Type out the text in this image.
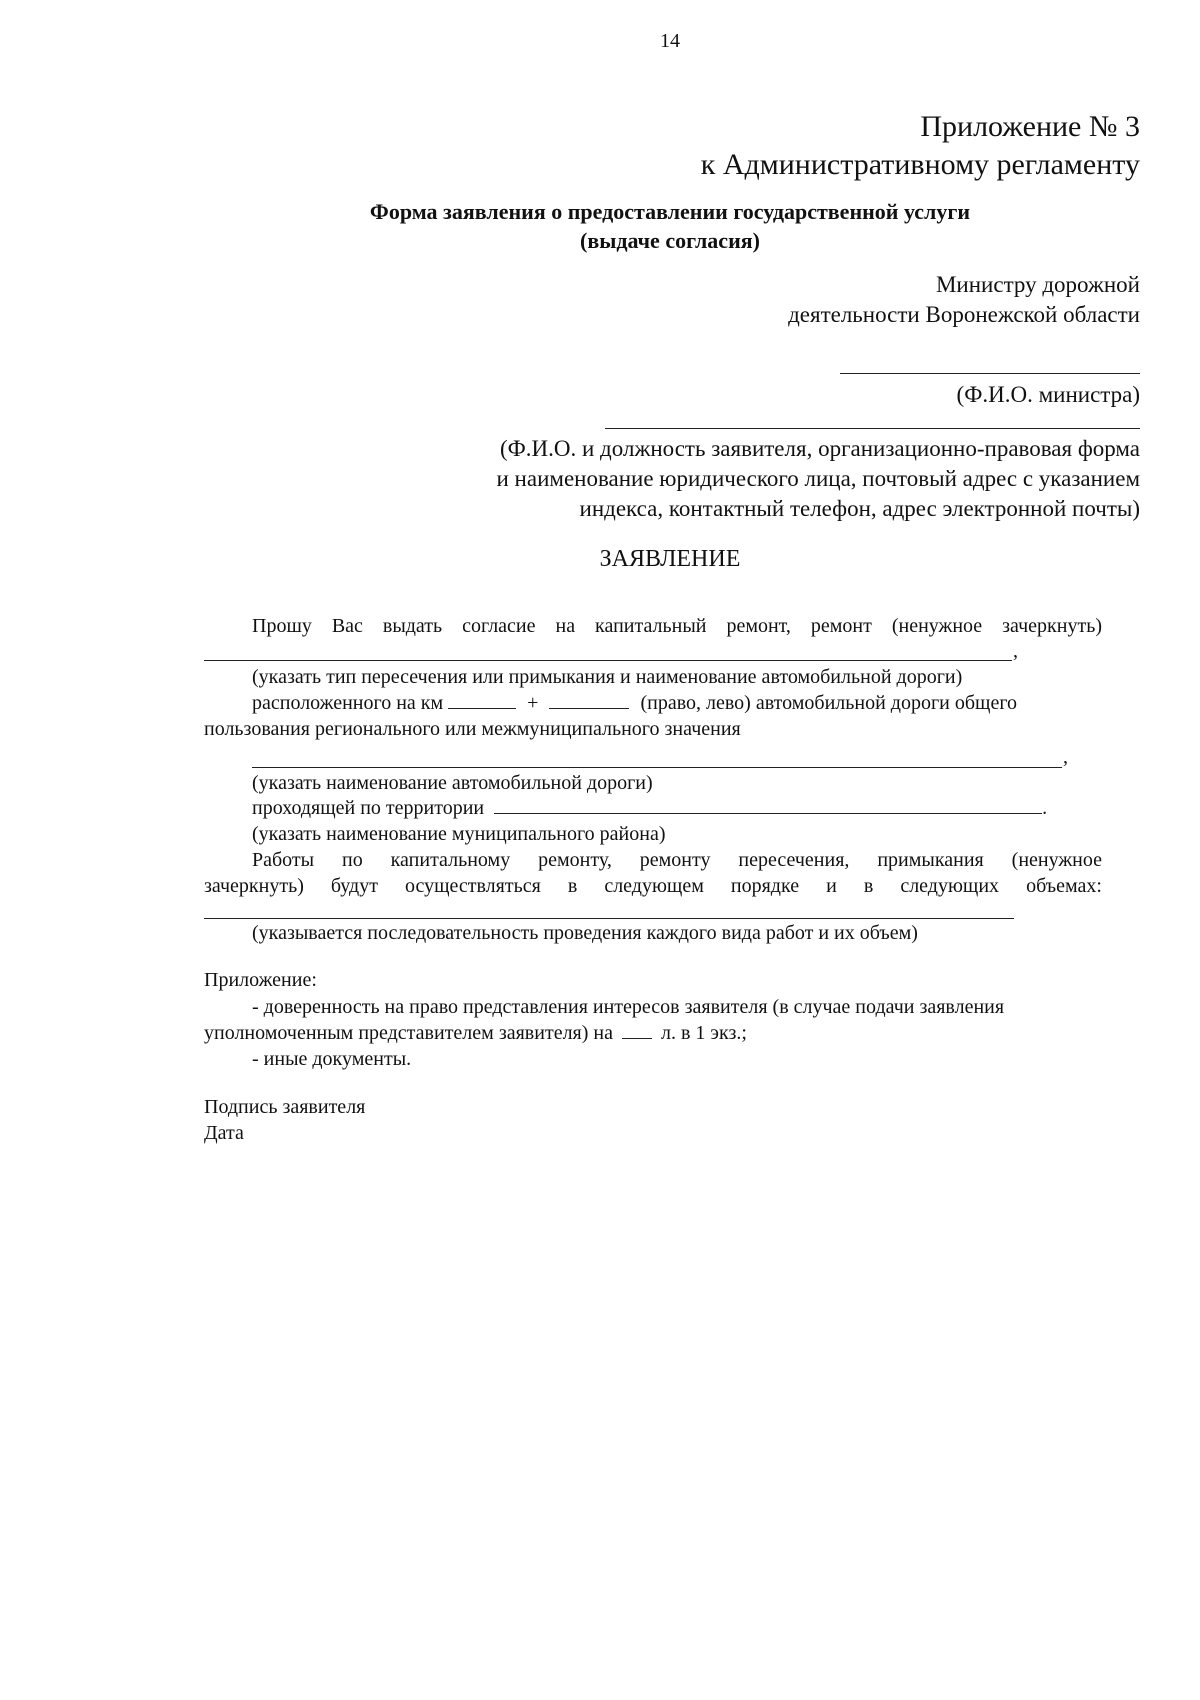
14
Приложение № 3
к Административному регламенту
Форма заявления о предоставлении государственной услуги
(выдаче согласия)
Министру дорожной
деятельности Воронежской области
(Ф.И.О. министра)
(Ф.И.О. и должность заявителя, организационно-правовая форма
и наименование юридического лица, почтовый адрес с указанием
индекса, контактный телефон, адрес электронной почты)
ЗАЯВЛЕНИЕ
Прошу Вас выдать согласие на капитальный ремонт, ремонт (ненужное зачеркнуть)
,
(указать тип пересечения или примыкания и наименование автомобильной дороги)
расположенного на км	+	(право, лево) автомобильной дороги общего
пользования регионального или межмуниципального значения
,
(указать наименование автомобильной дороги)
проходящей по территории	.
(указать наименование муниципального района)
Работы по капитальному ремонту, ремонту пересечения, примыкания (ненужное
зачеркнуть) будут осуществляться в следующем порядке и в следующих объемах:
(указывается последовательность проведения каждого вида работ и их объем)
Приложение:
- доверенность на право представления интересов заявителя (в случае подачи заявления
уполномоченным представителем заявителя) на л. в 1 экз.;
- иные документы.
Подпись заявителя
Дата
